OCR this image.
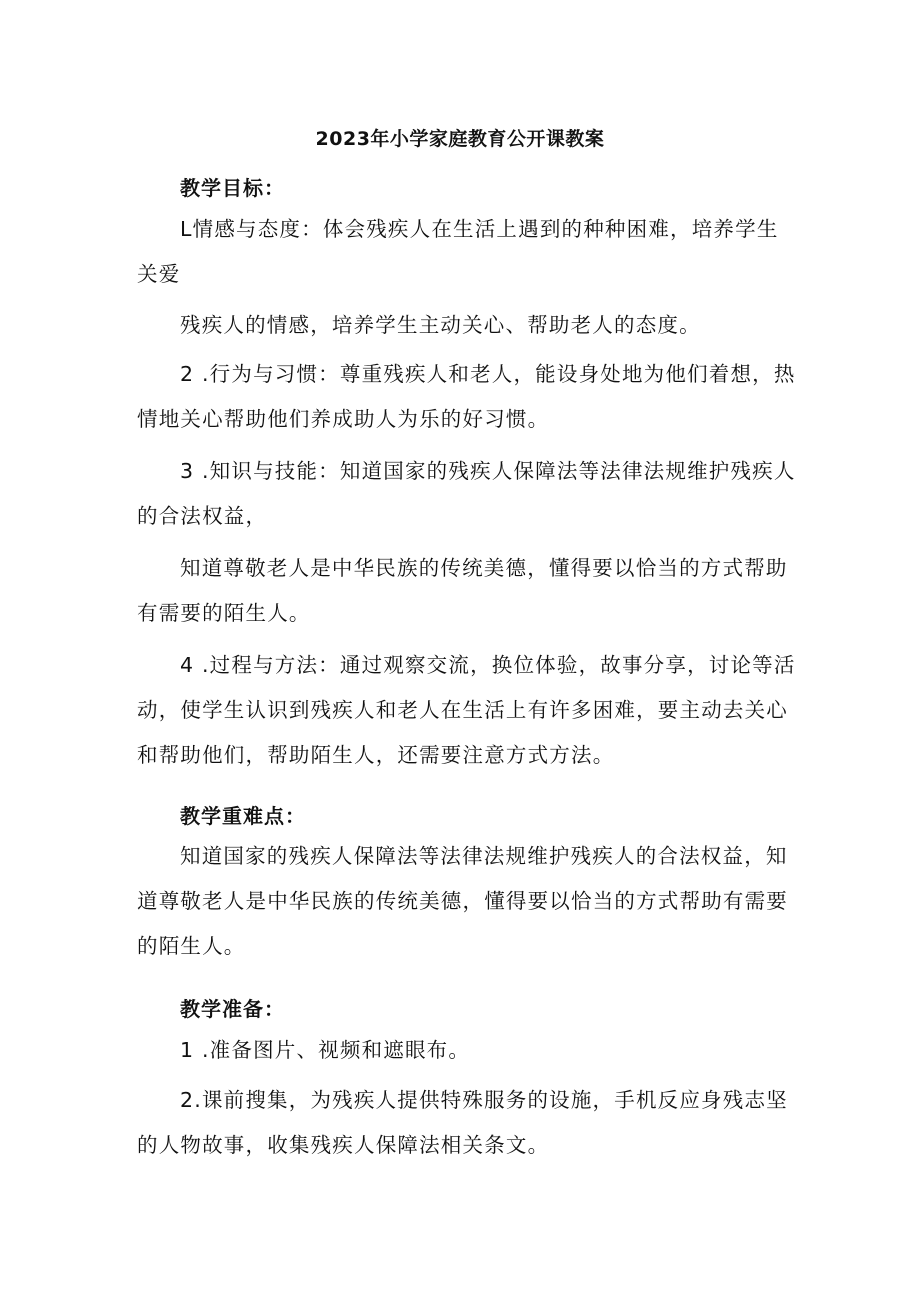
2023年小学家庭教育公开课教案
教学目标：

L情感与态度：体会残疾人在生活上遇到的种种困难，培养学生关爱

残疾人的情感，培养学生主动关心、帮助老人的态度。

2 .行为与习惯：尊重残疾人和老人，能设身处地为他们着想，热情地关心帮助他们养成助人为乐的好习惯。

3 .知识与技能：知道国家的残疾人保障法等法律法规维护残疾人的合法权益，

知道尊敬老人是中华民族的传统美德，懂得要以恰当的方式帮助有需要的陌生人。

4 .过程与方法：通过观察交流，换位体验，故事分享，讨论等活动，使学生认识到残疾人和老人在生活上有许多困难，要主动去关心和帮助他们，帮助陌生人，还需要注意方式方法。

教学重难点：

知道国家的残疾人保障法等法律法规维护残疾人的合法权益，知道尊敬老人是中华民族的传统美德，懂得要以恰当的方式帮助有需要的陌生人。

教学准备：

1 .准备图片、视频和遮眼布。

2.课前搜集，为残疾人提供特殊服务的设施，手机反应身残志坚的人物故事，收集残疾人保障法相关条文。
